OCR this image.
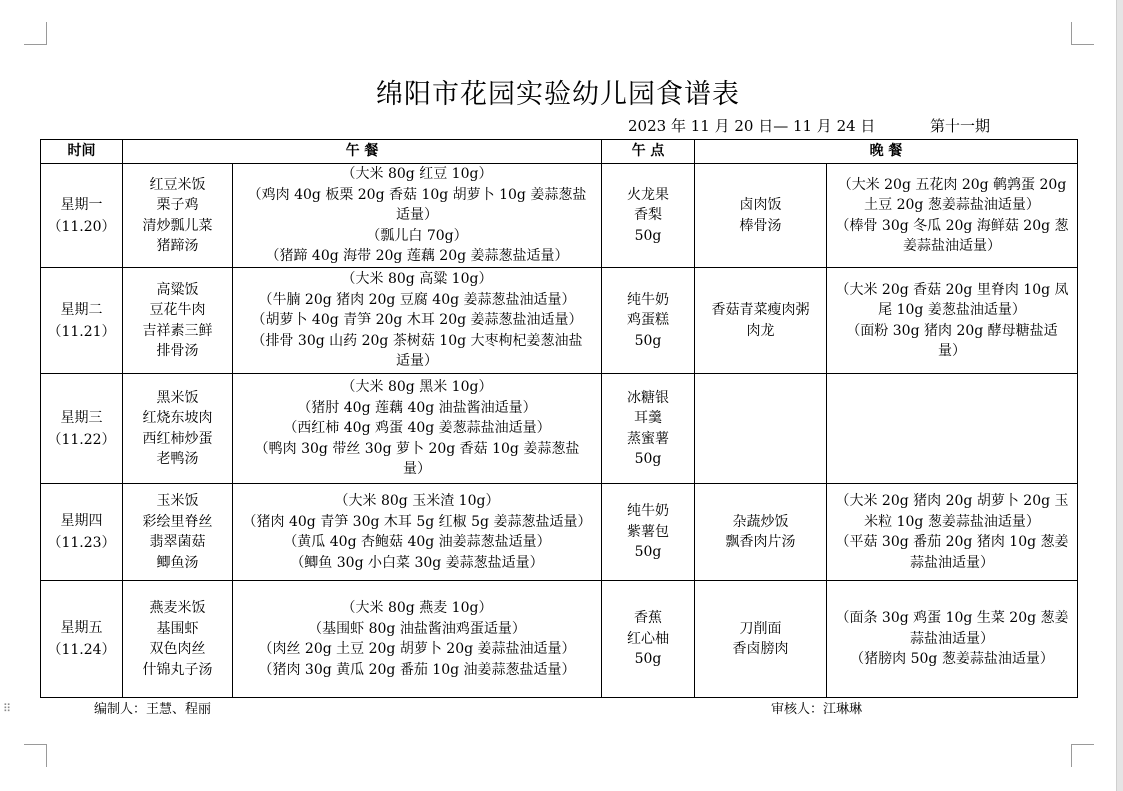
绵阳市花园实验幼儿园食谱表
2023 年 11 月 20 日— 11 月 24 日	第十一期
时间	午 餐		午 点	晚 餐	

星期一
（11.20）	红豆米饭
栗子鸡
清炒瓢儿菜
猪蹄汤	（大米 80g 红豆 10g）
（鸡肉 40g 板栗 20g 香菇 10g 胡萝卜 10g 姜蒜葱盐
适量）
（瓢儿白 70g）
（猪蹄 40g 海带 20g 莲藕 20g 姜蒜葱盐适量）	火龙果
香梨
50g	卤肉饭
棒骨汤	（大米 20g 五花肉 20g 鹌鹑蛋 20g
土豆 20g 葱姜蒜盐油适量）
（棒骨 30g 冬瓜 20g 海鲜菇 20g 葱
姜蒜盐油适量）

星期二
（11.21）	高粱饭
豆花牛肉
吉祥素三鲜
排骨汤	（大米 80g 高粱 10g）
（牛腩 20g 猪肉 20g 豆腐 40g 姜蒜葱盐油适量）
（胡萝卜 40g 青笋 20g 木耳 20g 姜蒜葱盐油适量）
（排骨 30g 山药 20g 茶树菇 10g 大枣枸杞姜葱油盐
适量）	纯牛奶
鸡蛋糕
50g	香菇青菜瘦肉粥
肉龙	（大米 20g 香菇 20g 里脊肉 10g 凤
尾 10g 姜葱盐油适量）
（面粉 30g 猪肉 20g 酵母糖盐适
量）

星期三
（11.22）	黑米饭
红烧东坡肉
西红柿炒蛋
老鸭汤	（大米 80g 黑米 10g）
（猪肘 40g 莲藕 40g 油盐酱油适量）
（西红柿 40g 鸡蛋 40g 姜葱蒜盐油适量）
（鸭肉 30g 带丝 30g 萝卜 20g 香菇 10g 姜蒜葱盐
量）	冰糖银
耳羹
蒸蜜薯
50g		

星期四
（11.23）	玉米饭
彩绘里脊丝
翡翠菌菇
鲫鱼汤	（大米 80g 玉米渣 10g）
（猪肉 40g 青笋 30g 木耳 5g 红椒 5g 姜蒜葱盐适量）
（黄瓜 40g 杏鲍菇 40g 油姜蒜葱盐适量）
（鲫鱼 30g 小白菜 30g 姜蒜葱盐适量）	纯牛奶
紫薯包
50g	杂蔬炒饭
飘香肉片汤	（大米 20g 猪肉 20g 胡萝卜 20g 玉
米粒 10g 葱姜蒜盐油适量）
（平菇 30g 番茄 20g 猪肉 10g 葱姜
蒜盐油适量）

星期五
（11.24）	燕麦米饭
基围虾
双色肉丝
什锦丸子汤	（大米 80g 燕麦 10g）
（基围虾 80g 油盐酱油鸡蛋适量）
（肉丝 20g 土豆 20g 胡萝卜 20g 姜蒜盐油适量）
（猪肉 30g 黄瓜 20g 番茄 10g 油姜蒜葱盐适量）	香蕉
红心柚
50g	刀削面
香卤膀肉	（面条 30g 鸡蛋 10g 生菜 20g 葱姜
蒜盐油适量）
（猪膀肉 50g 葱姜蒜盐油适量）
编制人：王慧、程丽	审核人：江琳琳
⠿
